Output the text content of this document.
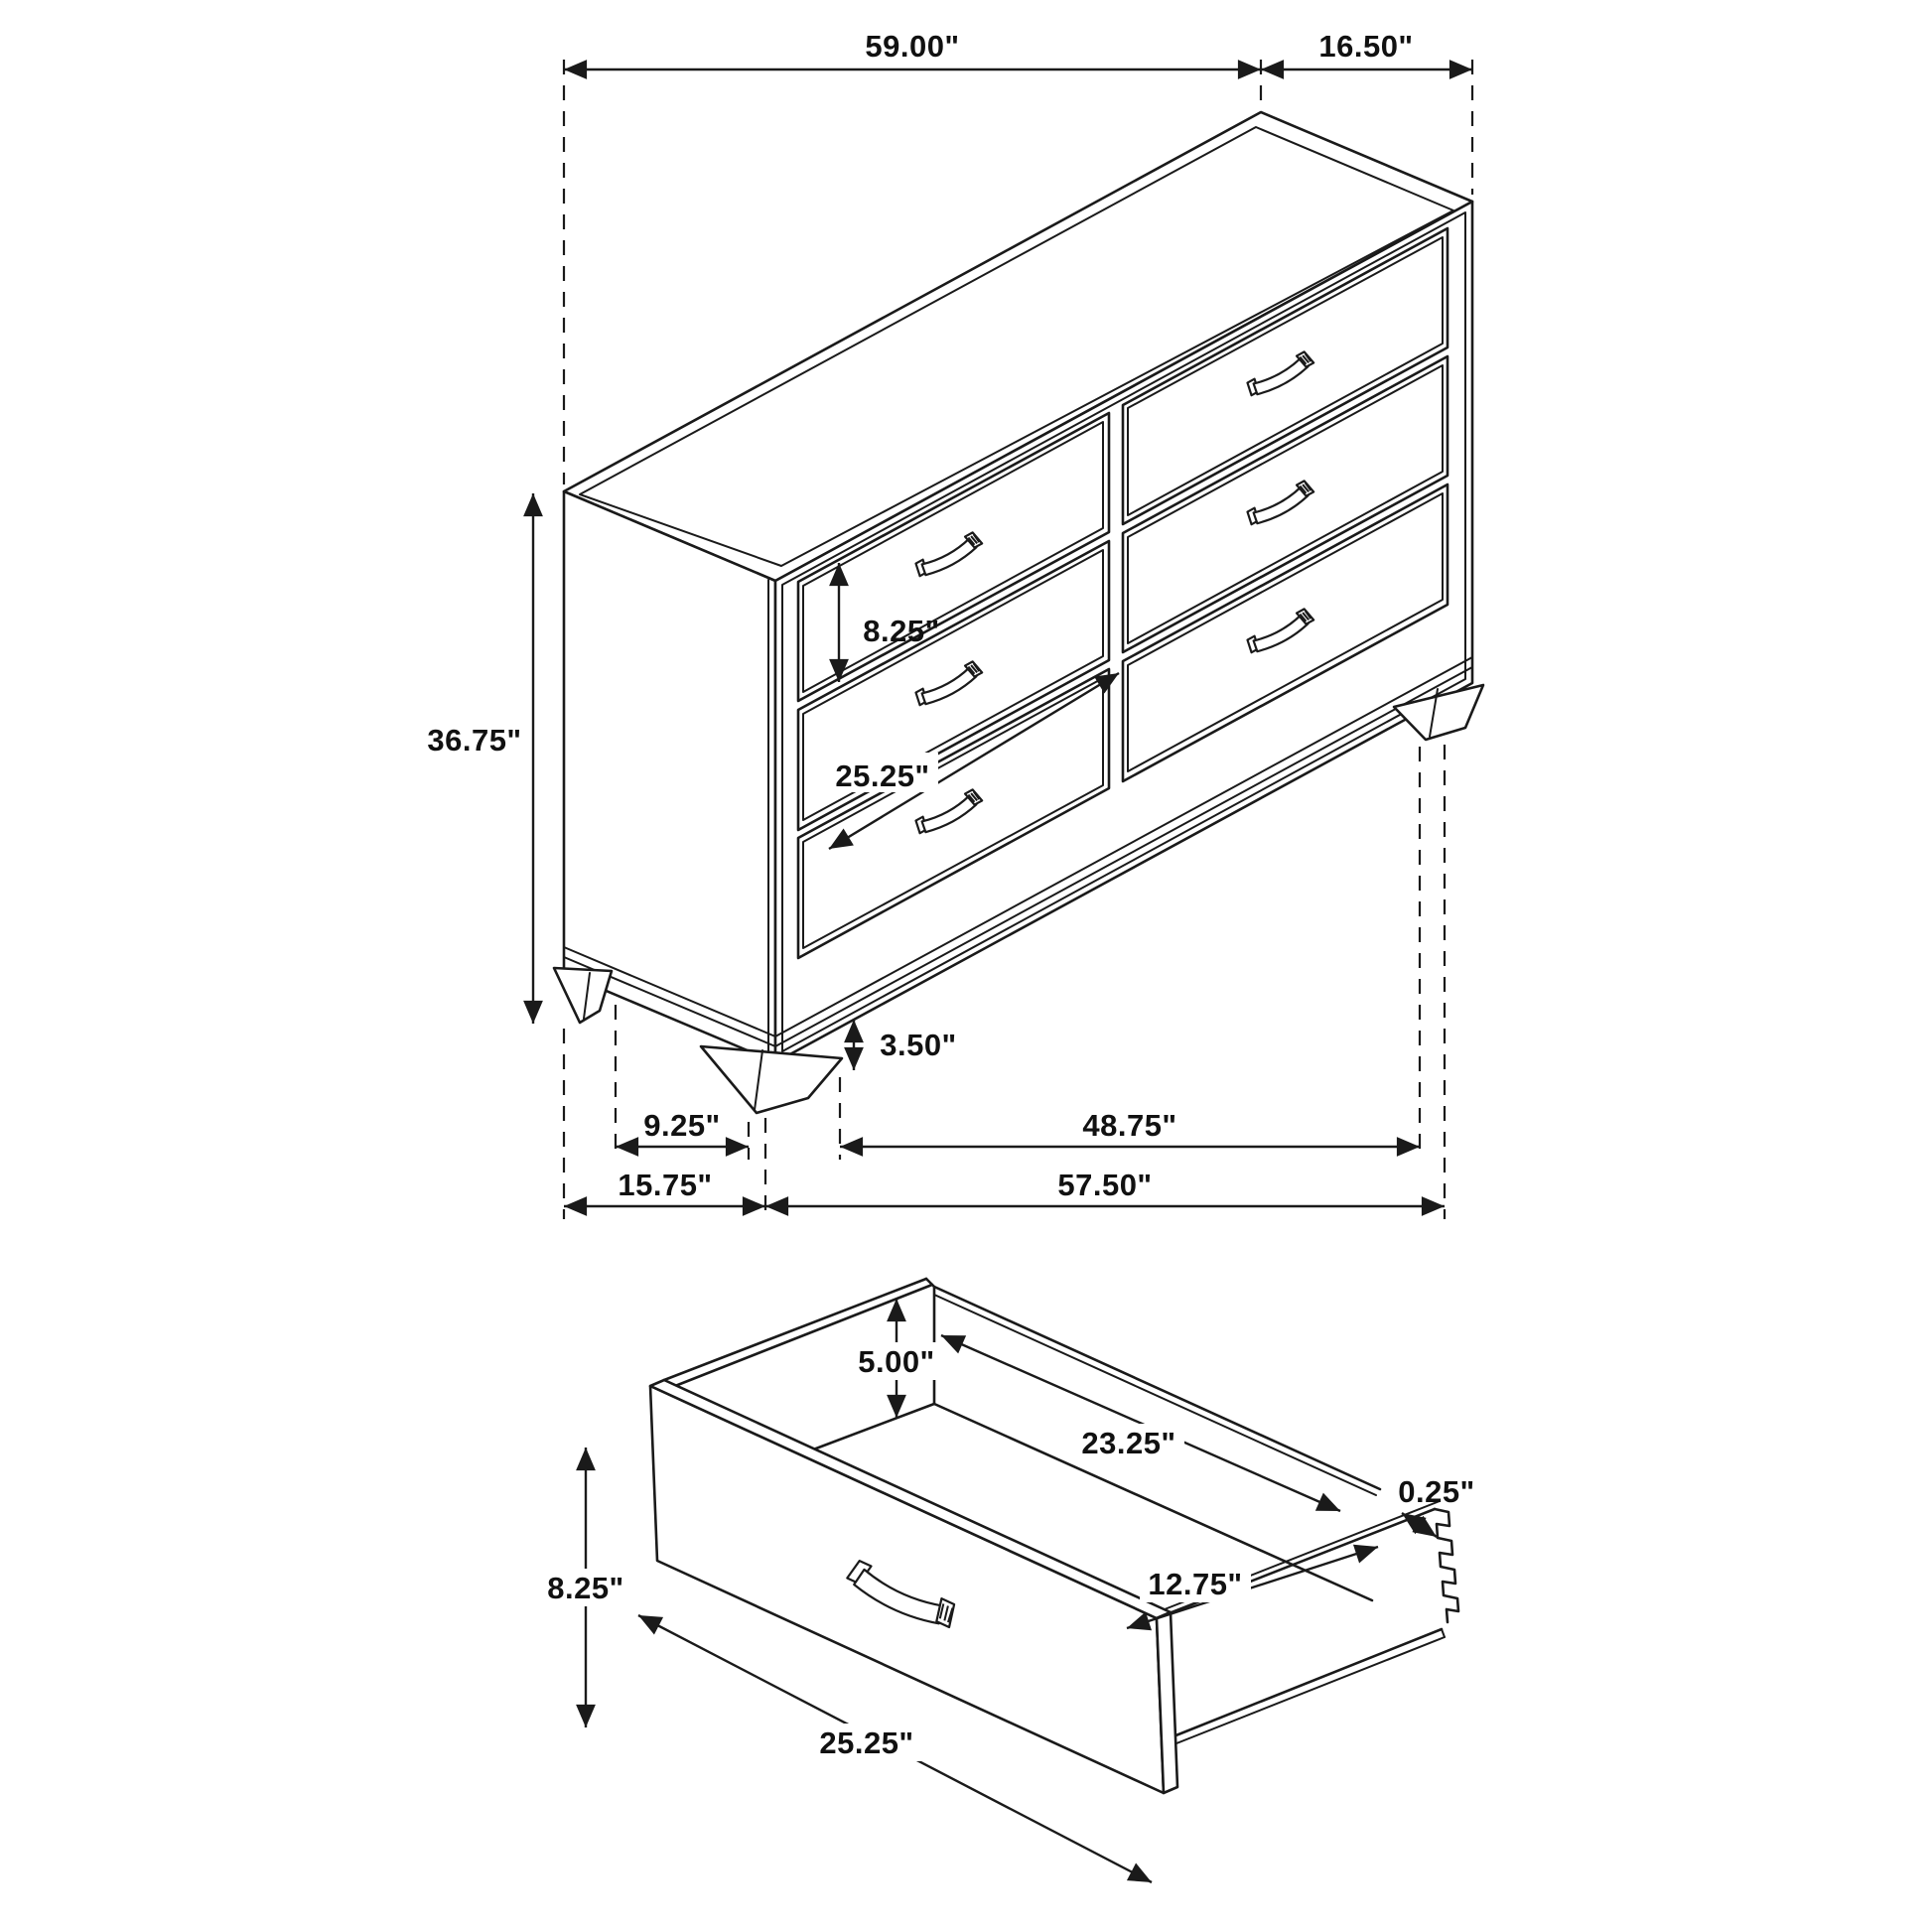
59.00"	16.50"
36.75"
8.25"
25.25"
3.50"
9.25"	48.75"
15.75"	57.50"
8.25"
5.00"
23.25"
0.25"
12.75"
25.25"
